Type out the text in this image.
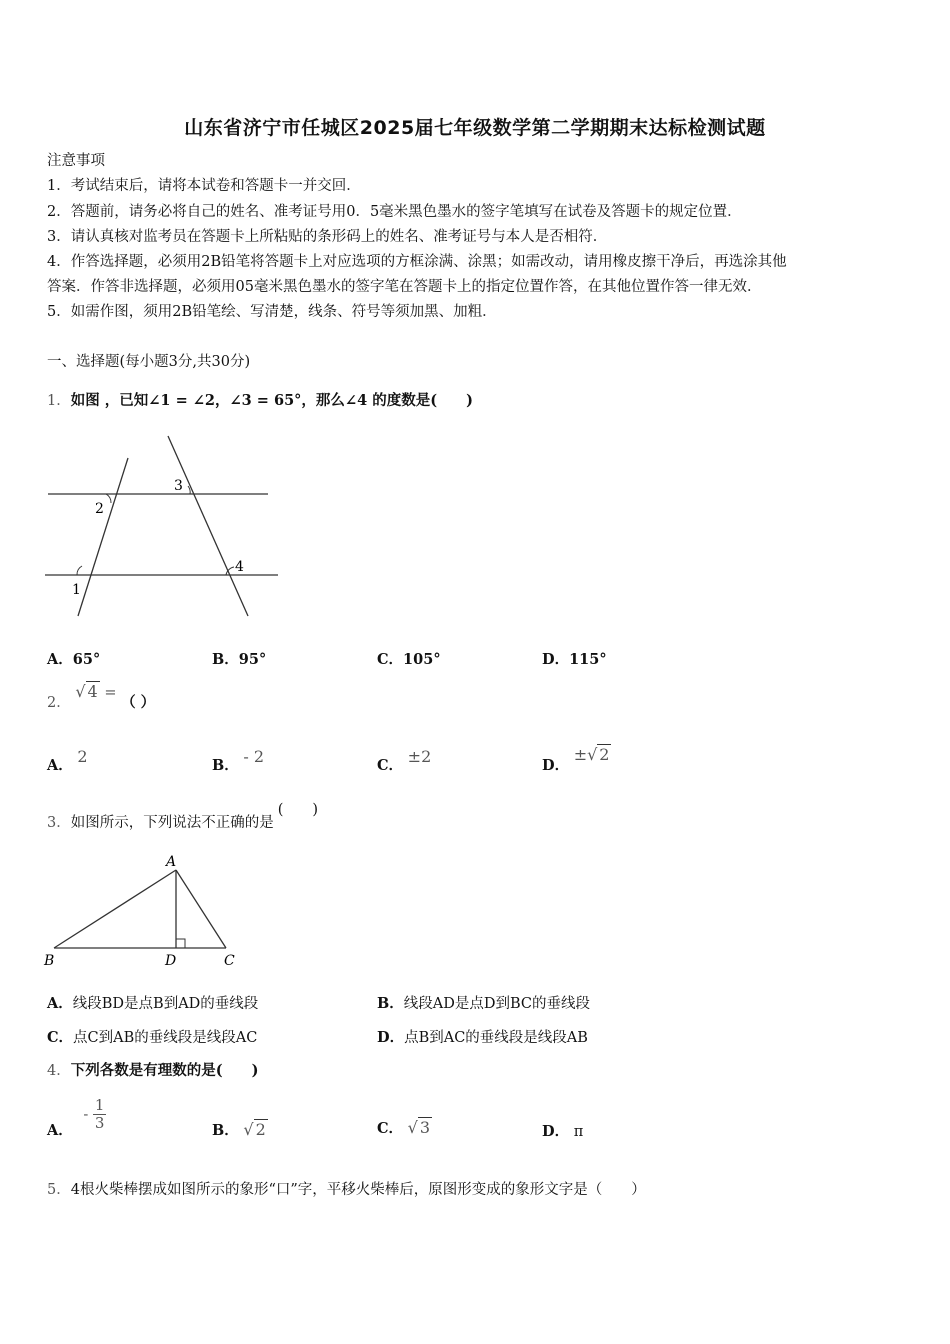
山东省济宁市任城区2025届七年级数学第二学期期末达标检测试题
注意事项
1．考试结束后，请将本试卷和答题卡一并交回．
2．答题前，请务必将自己的姓名、准考证号用0．5毫米黑色墨水的签字笔填写在试卷及答题卡的规定位置．
3．请认真核对监考员在答题卡上所粘贴的条形码上的姓名、准考证号与本人是否相符．
4．作答选择题，必须用2B铅笔将答题卡上对应选项的方框涂满、涂黑；如需改动，请用橡皮擦干净后，再选涂其他
答案．作答非选择题，必须用05毫米黑色墨水的签字笔在答题卡上的指定位置作答，在其他位置作答一律无效．
5．如需作图，须用2B铅笔绘、写清楚，线条、符号等须加黑、加粗．
一、选择题(每小题3分,共30分)
1．如图 ，已知∠1 = ∠2，∠3 = 65°，那么∠4 的度数是(　　)
1
2
3
4
A．65°	B．95°	C．105°	D．115°
2． √ 4 = （ ）
A． 2	B． - 2	C． ±2	D． ±√ 2
3．如图所示，下列说法不正确的是(　　)
A
B	D	C
A．线段BD是点B到AD的垂线段	B．线段AD是点D到BC的垂线段
C．点C到AB的垂线段是线段AC	D．点B到AC的垂线段是线段AB
4．下列各数是有理数的是(　　)
A． - $\frac{1}{3}$	B． √ 2	C． √ 3	D． π
5．4根火柴棒摆成如图所示的象形“口”字，平移火柴棒后，原图形变成的象形文字是（　　）
